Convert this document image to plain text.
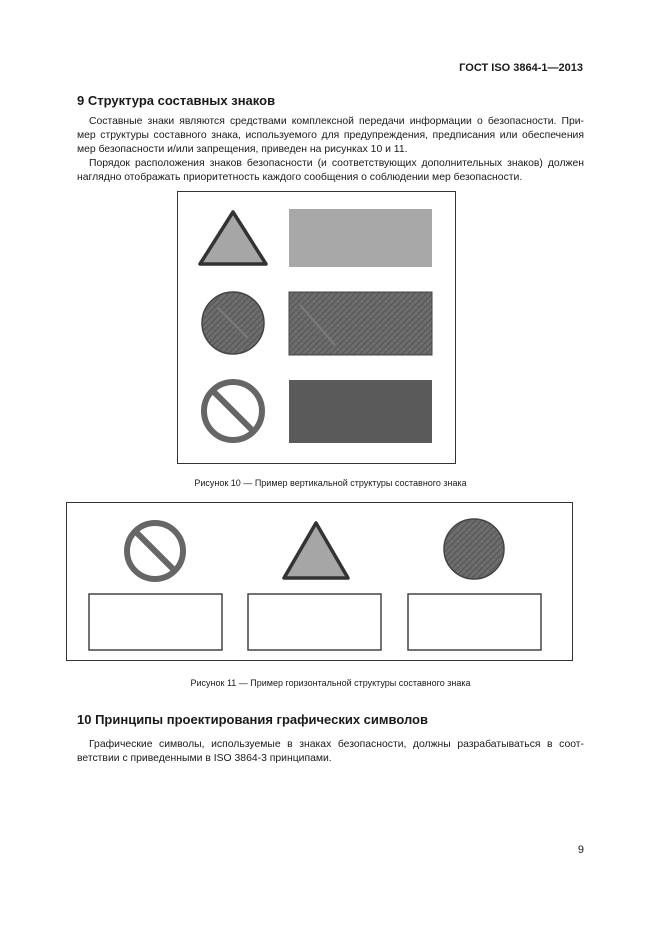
ГОСТ ISO 3864-1—2013
9 Структура составных знаков
Составные знаки являются средствами комплексной передачи информации о безопасности. При-
мер структуры составного знака, используемого для предупреждения, предписания или обеспечения
мер безопасности и/или запрещения, приведен на рисунках 10 и 11.
Порядок расположения знаков безопасности (и соответствующих дополнительных знаков) должен
наглядно отображать приоритетность каждого сообщения о соблюдении мер безопасности.
Рисунок 10 — Пример вертикальной структуры составного знака
Рисунок 11 — Пример горизонтальной структуры составного знака
10 Принципы проектирования графических символов
Графические символы, используемые в знаках безопасности, должны разрабатываться в соот-
ветствии с приведенными в ISO 3864-3 принципами.
9
